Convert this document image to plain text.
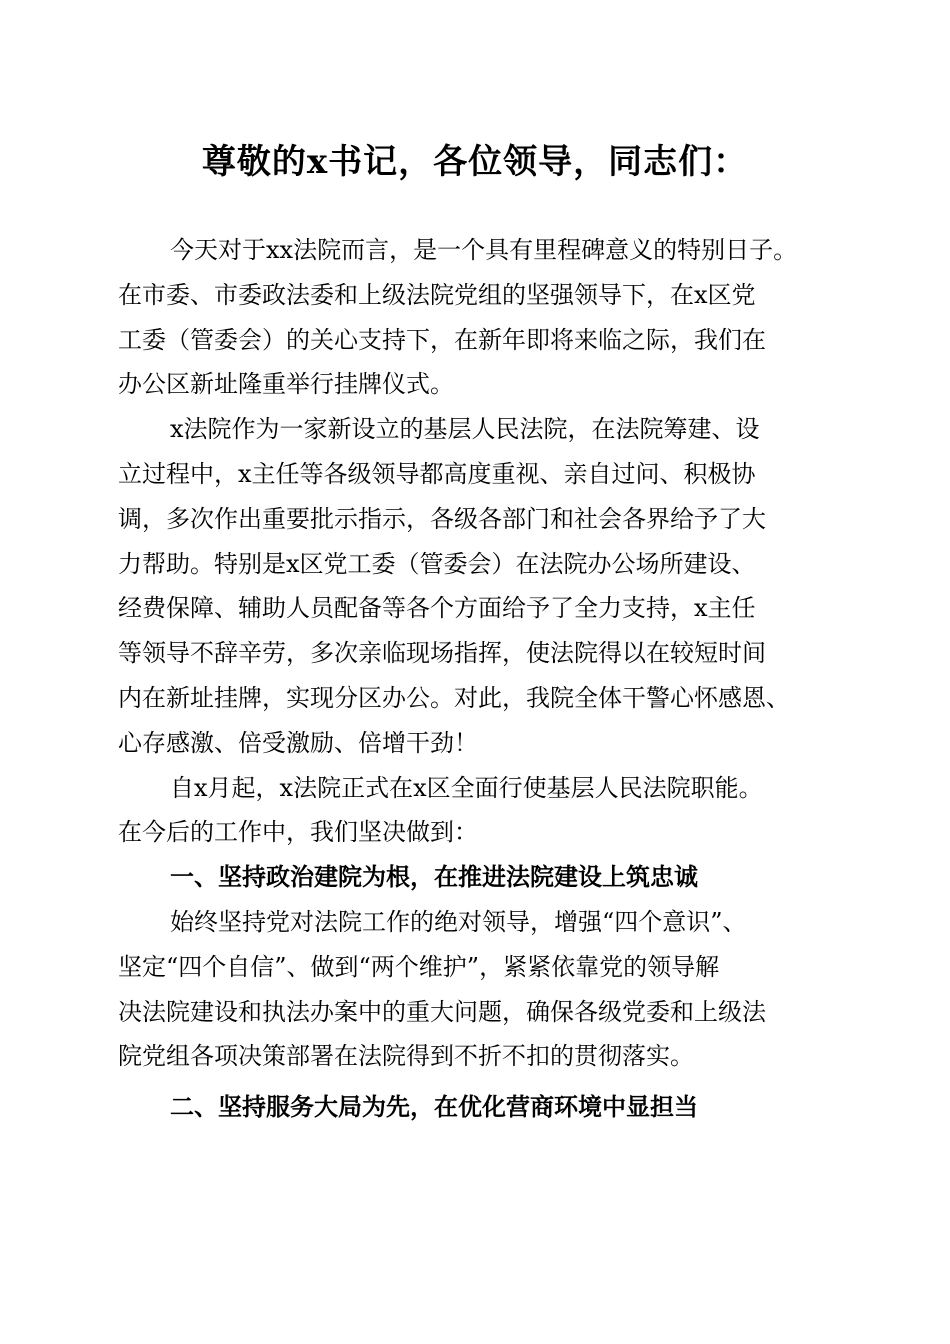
尊敬的x书记，各位领导，同志们：
今天对于xx法院而言，是一个具有里程碑意义的特别日子。
在市委、市委政法委和上级法院党组的坚强领导下，在x区党
工委（管委会）的关心支持下，在新年即将来临之际，我们在
办公区新址隆重举行挂牌仪式。
x法院作为一家新设立的基层人民法院，在法院筹建、设
立过程中，x主任等各级领导都高度重视、亲自过问、积极协
调，多次作出重要批示指示，各级各部门和社会各界给予了大
力帮助。特别是x区党工委（管委会）在法院办公场所建设、
经费保障、辅助人员配备等各个方面给予了全力支持，x主任
等领导不辞辛劳，多次亲临现场指挥，使法院得以在较短时间
内在新址挂牌，实现分区办公。对此，我院全体干警心怀感恩、
心存感激、倍受激励、倍增干劲！
自x月起，x法院正式在x区全面行使基层人民法院职能。
在今后的工作中，我们坚决做到：
一、坚持政治建院为根，在推进法院建设上筑忠诚
始终坚持党对法院工作的绝对领导，增强“四个意识”、
坚定“四个自信”、做到“两个维护”，紧紧依靠党的领导解
决法院建设和执法办案中的重大问题，确保各级党委和上级法
院党组各项决策部署在法院得到不折不扣的贯彻落实。
二、坚持服务大局为先，在优化营商环境中显担当
